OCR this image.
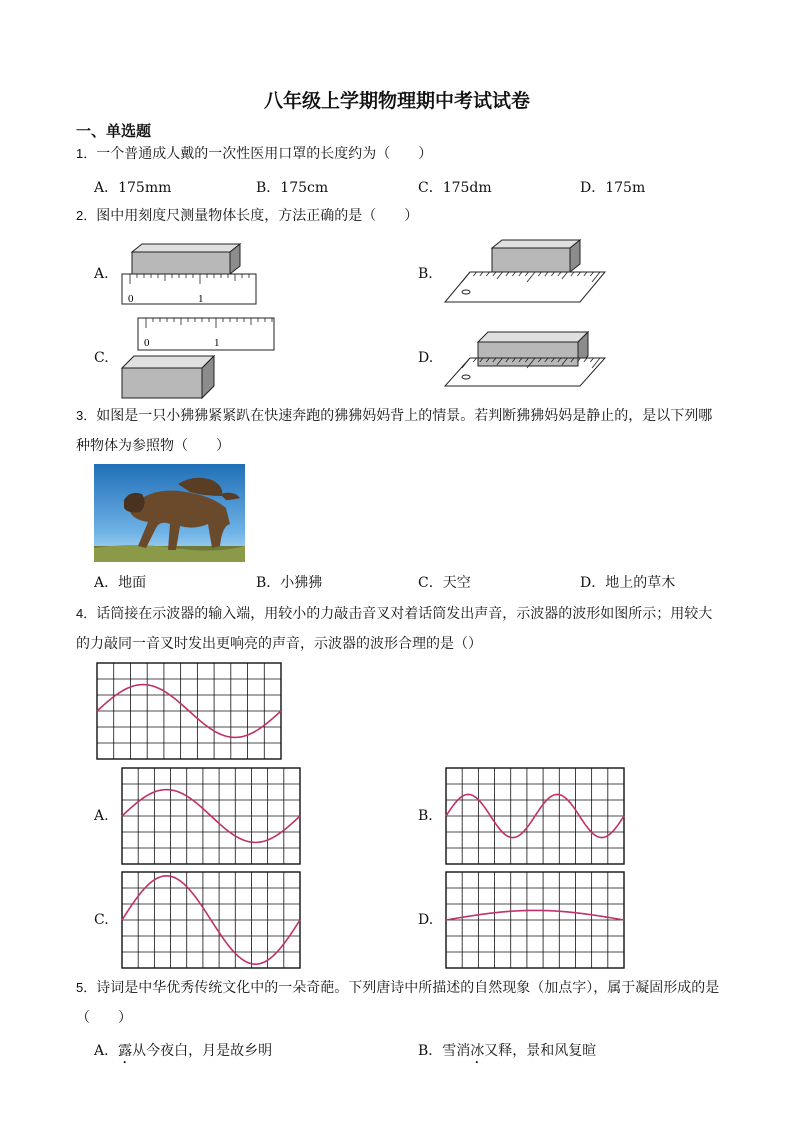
八年级上学期物理期中考试试卷
一、单选题
1．一个普通成人戴的一次性医用口罩的长度约为（　　）
A．175mm	B．175cm	C．175dm	D．175m
2．图中用刻度尺测量物体长度，方法正确的是（　　）
A.
0	1
B.
C.
0	1
D.
3．如图是一只小狒狒紧紧趴在快速奔跑的狒狒妈妈背上的情景。若判断狒狒妈妈是静止的，是以下列哪
种物体为参照物（　　）
A．地面	B．小狒狒	C．天空	D．地上的草木
4．话筒接在示波器的输入端，用较小的力敲击音叉对着话筒发出声音，示波器的波形如图所示；用较大
的力敲同一音叉时发出更响亮的声音，示波器的波形合理的是（）
A.	B.
C.	D.
5．诗词是中华优秀传统文化中的一朵奇葩。下列唐诗中所描述的自然现象（加点字），属于凝固形成的是
（　　）
A．露从今夜白，月是故乡明	B．雪消冰又释，景和风复暄
